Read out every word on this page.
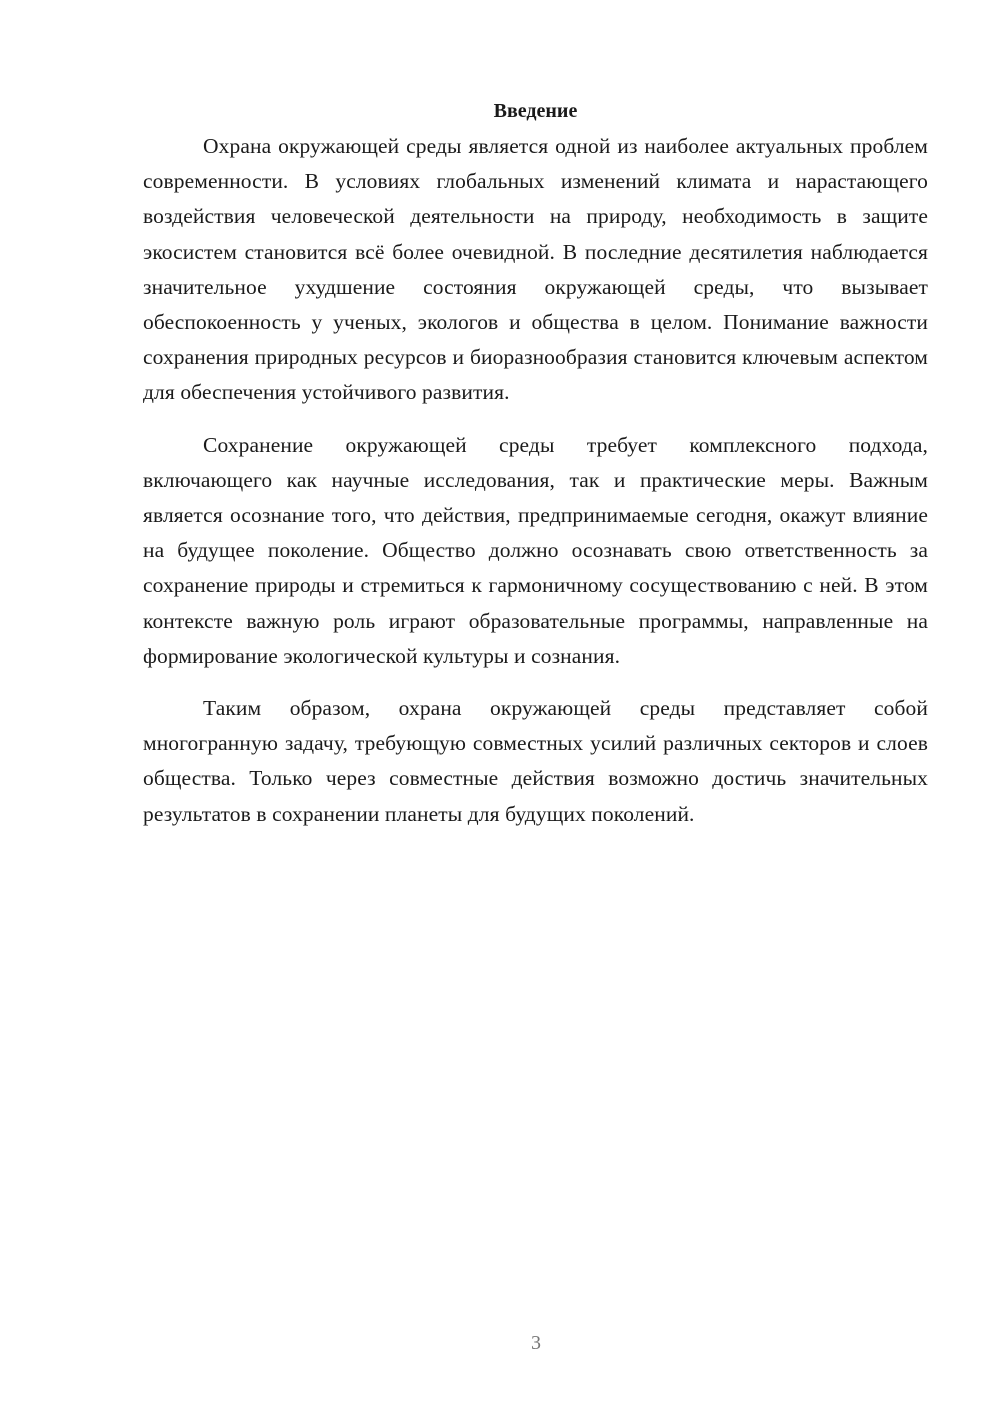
Введение

Охрана окружающей среды является одной из наиболее актуальных проблем современности. В условиях глобальных изменений климата и нарастающего воздействия человеческой деятельности на природу, необходимость в защите экосистем становится всё более очевидной. В последние десятилетия наблюдается значительное ухудшение состояния окружающей среды, что вызывает обеспокоенность у ученых, экологов и общества в целом. Понимание важности сохранения природных ресурсов и биоразнообразия становится ключевым аспектом для обеспечения устойчивого развития.

Сохранение окружающей среды требует комплексного подхода, включающего как научные исследования, так и практические меры. Важным является осознание того, что действия, предпринимаемые сегодня, окажут влияние на будущее поколение. Общество должно осознавать свою ответственность за сохранение природы и стремиться к гармоничному сосуществованию с ней. В этом контексте важную роль играют образовательные программы, направленные на формирование экологической культуры и сознания.

Таким образом, охрана окружающей среды представляет собой многогранную задачу, требующую совместных усилий различных секторов и слоев общества. Только через совместные действия возможно достичь значительных результатов в сохранении планеты для будущих поколений.

3
